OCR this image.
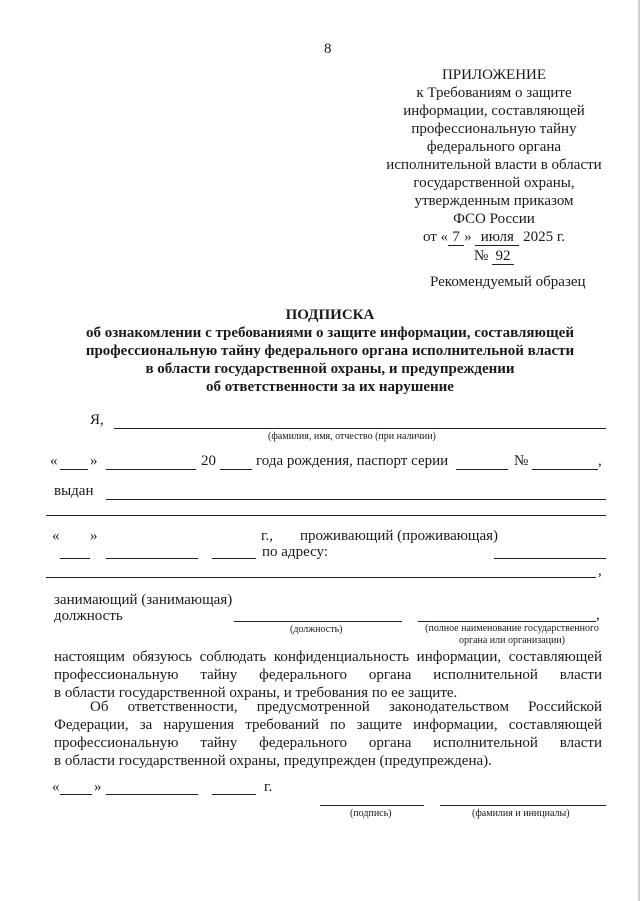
8
ПРИЛОЖЕНИЕ
к Требованиям о защите
информации, составляющей
профессиональную тайну
федерального органа
исполнительной власти в области
государственной охраны,
утвержденным приказом
ФСО России
от « 7 » июля 2025 г.
№ 92
Рекомендуемый образец
ПОДПИСКА
об ознакомлении с требованиями о защите информации, составляющей
профессиональную тайну федерального органа исполнительной власти
в области государственной охраны, и предупреждении
об ответственности за их нарушение
Я,
(фамилия, имя, отчество (при наличии)
« »	20	года рождения, паспорт серии	№	,
выдан
« »	г., проживающий (проживающая)
по адресу:
,
занимающий (занимающая)
должность	,
(должность)	(полное наименование государственного
органа или организации)
настоящим обязуюсь соблюдать конфиденциальность информации, составляющей
профессиональную тайну федерального органа исполнительной власти
в области государственной охраны, и требования по ее защите.
Об ответственности, предусмотренной законодательством Российской
Федерации, за нарушения требований по защите информации, составляющей
профессиональную тайну федерального органа исполнительной власти
в области государственной охраны, предупрежден (предупреждена).
« »	г.
(подпись)	(фамилия и инициалы)
